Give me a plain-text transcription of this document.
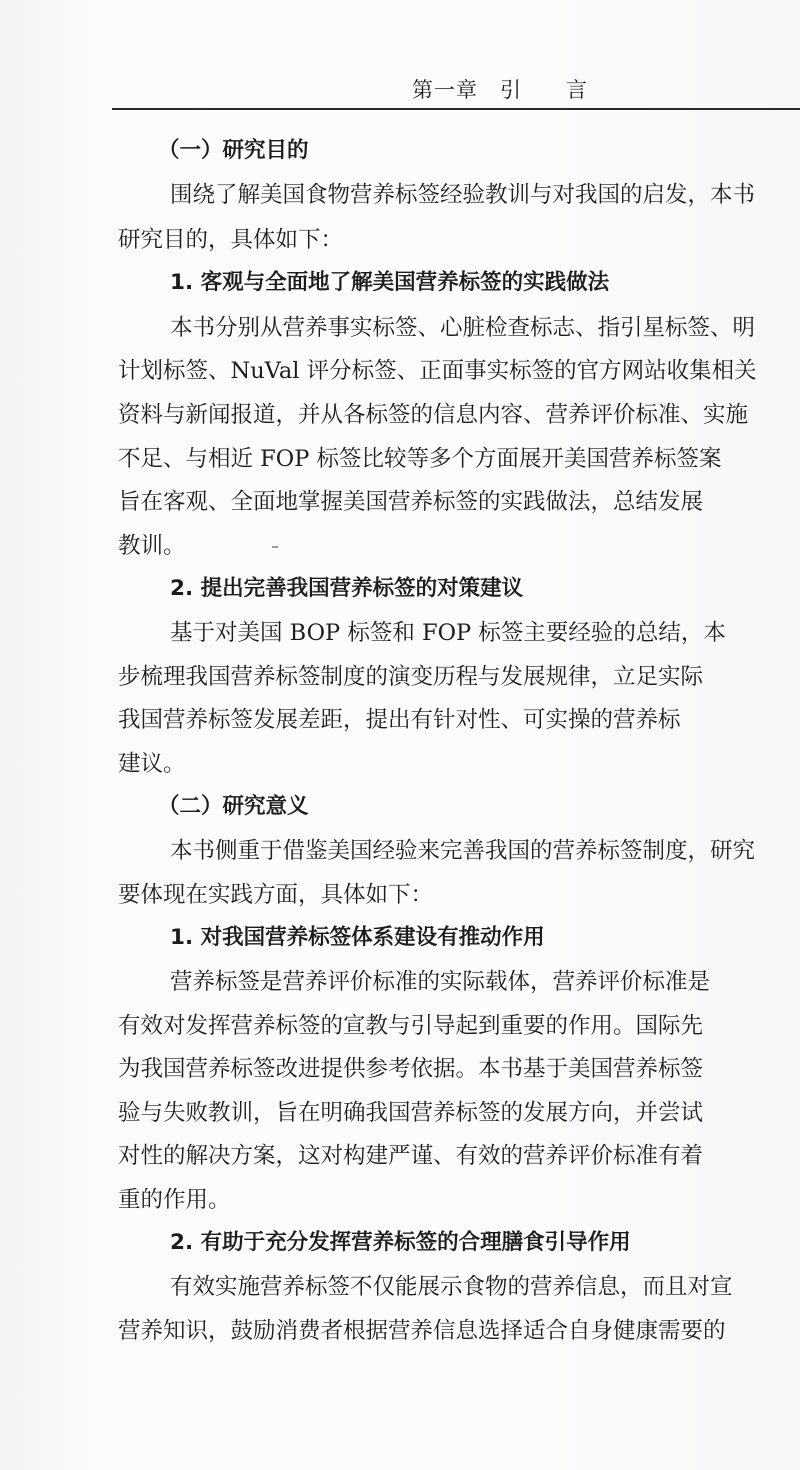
第一章　引　　言
（一）研究目的
围绕了解美国食物营养标签经验教训与对我国的启发，本书
研究目的，具体如下：
1. 客观与全面地了解美国营养标签的实践做法
本书分别从营养事实标签、心脏检查标志、指引星标签、明
计划标签、NuVal 评分标签、正面事实标签的官方网站收集相关
资料与新闻报道，并从各标签的信息内容、营养评价标准、实施
不足、与相近 FOP 标签比较等多个方面展开美国营养标签案
旨在客观、全面地掌握美国营养标签的实践做法，总结发展
教训。
2. 提出完善我国营养标签的对策建议
基于对美国 BOP 标签和 FOP 标签主要经验的总结，本
步梳理我国营养标签制度的演变历程与发展规律，立足实际
我国营养标签发展差距，提出有针对性、可实操的营养标
建议。
（二）研究意义
本书侧重于借鉴美国经验来完善我国的营养标签制度，研究
要体现在实践方面，具体如下：
1. 对我国营养标签体系建设有推动作用
营养标签是营养评价标准的实际载体，营养评价标准是
有效对发挥营养标签的宣教与引导起到重要的作用。国际先
为我国营养标签改进提供参考依据。本书基于美国营养标签
验与失败教训，旨在明确我国营养标签的发展方向，并尝试
对性的解决方案，这对构建严谨、有效的营养评价标准有着
重的作用。
2. 有助于充分发挥营养标签的合理膳食引导作用
有效实施营养标签不仅能展示食物的营养信息，而且对宣
营养知识，鼓励消费者根据营养信息选择适合自身健康需要的
